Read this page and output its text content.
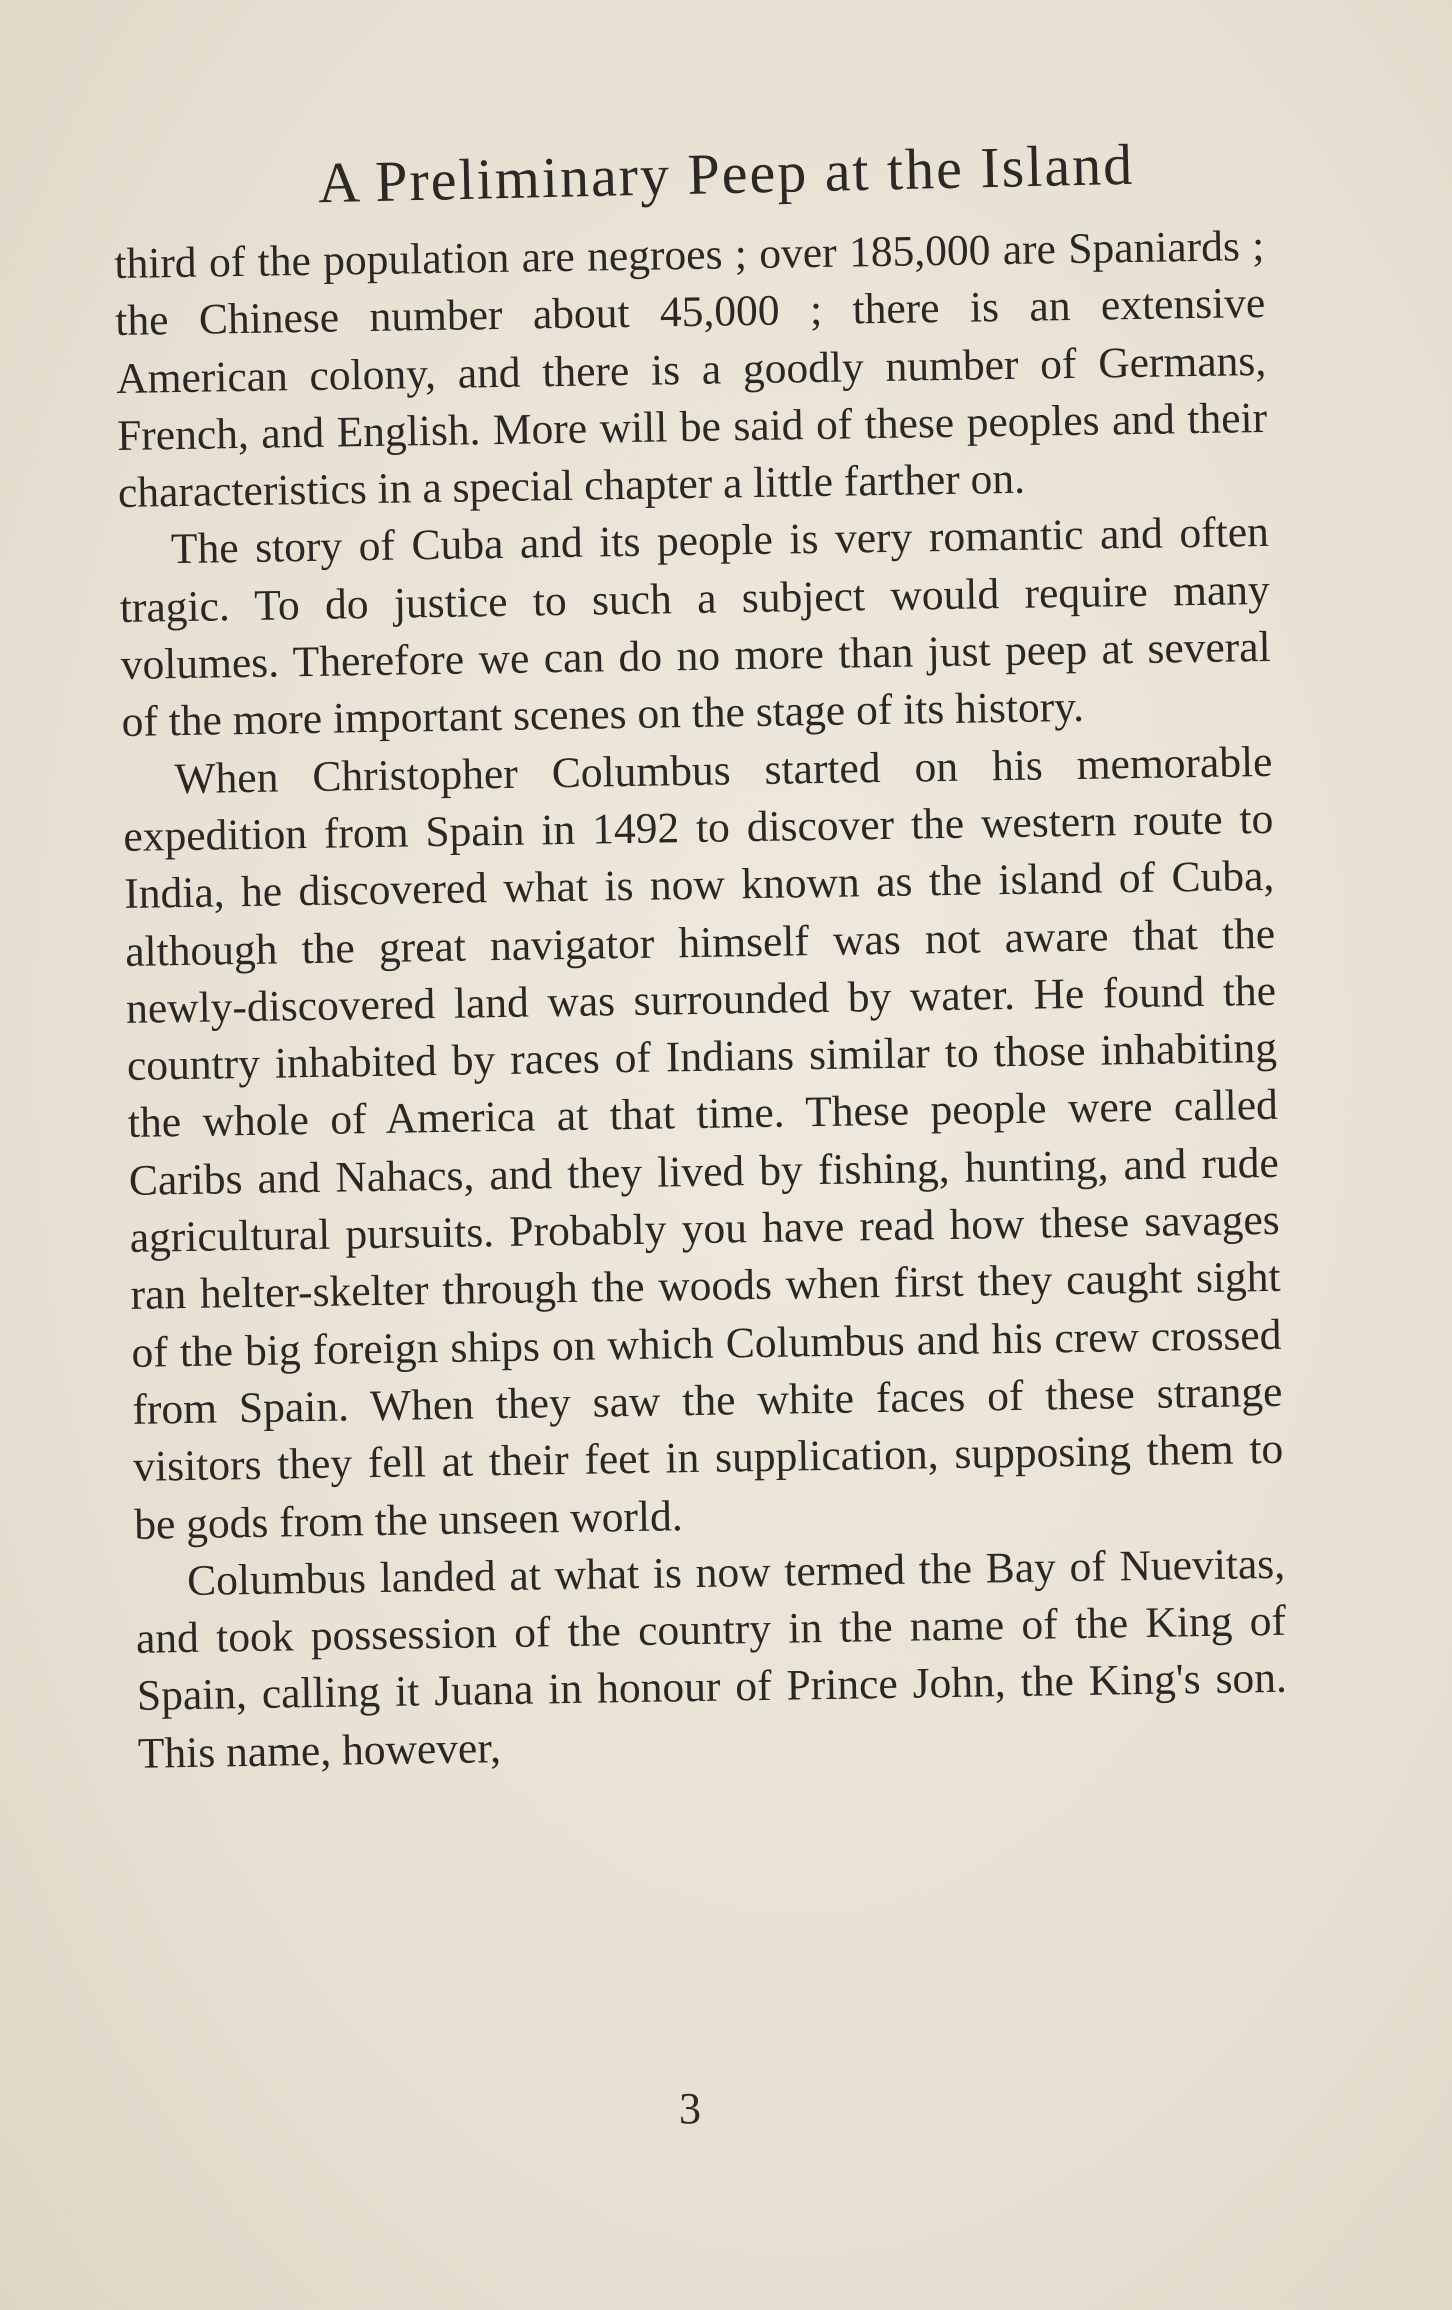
A Preliminary Peep at the Island

third of the population are negroes ; over 185,000 are Spaniards ; the Chinese number about 45,000 ; there is an extensive American colony, and there is a goodly number of Germans, French, and English. More will be said of these peoples and their characteristics in a special chapter a little farther on.

The story of Cuba and its people is very romantic and often tragic. To do justice to such a subject would require many volumes. Therefore we can do no more than just peep at several of the more important scenes on the stage of its history.

When Christopher Columbus started on his memorable expedition from Spain in 1492 to discover the western route to India, he discovered what is now known as the island of Cuba, although the great navigator himself was not aware that the newly-discovered land was surrounded by water. He found the country inhabited by races of Indians similar to those inhabiting the whole of America at that time. These people were called Caribs and Nahacs, and they lived by fishing, hunting, and rude agricultural pursuits. Probably you have read how these savages ran helter-skelter through the woods when first they caught sight of the big foreign ships on which Columbus and his crew crossed from Spain. When they saw the white faces of these strange visitors they fell at their feet in supplication, supposing them to be gods from the unseen world.

Columbus landed at what is now termed the Bay of Nuevitas, and took possession of the country in the name of the King of Spain, calling it Juana in honour of Prince John, the King's son. This name, however,

3
